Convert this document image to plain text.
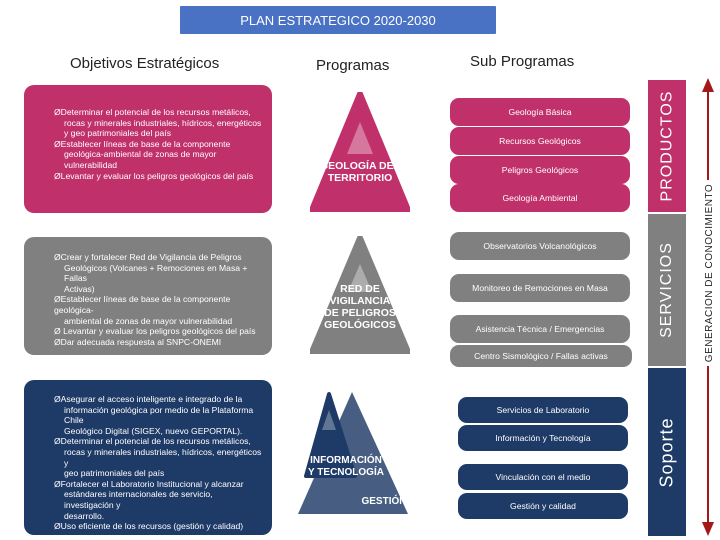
PLAN ESTRATEGICO 2020-2030
Objetivos Estratégicos	Programas	Sub Programas
ØDeterminar el potencial de los recursos metálicos,
rocas y minerales industriales, hídricos, energéticos
y geo patrimoniales del país
ØEstablecer líneas de base de la componente
geológica-ambiental de zonas de mayor
vulnerabilidad
ØLevantar y evaluar los peligros geológicos del país
ØCrear y fortalecer Red de Vigilancia de Peligros
Geológicos (Volcanes + Remociones en Masa + Fallas
Activas)
ØEstablecer líneas de base de la componente geológica-
ambiental de zonas de mayor vulnerabilidad
Ø Levantar y evaluar los peligros geológicos del país
ØDar adecuada respuesta al SNPC-ONEMI
ØAsegurar el acceso inteligente e integrado de la
información geológica por medio de la Plataforma Chile
Geológico Digital (SIGEX, nuevo GEPORTAL).
ØDeterminar el potencial de los recursos metálicos,
rocas y minerales industriales, hídricos, energéticos y
geo patrimoniales del país
ØFortalecer el Laboratorio Institucional y alcanzar
estándares internacionales de servicio, investigación y
desarrollo.
ØUso eficiente de los recursos (gestión y calidad)
GEOLOGÍA DEL
TERRITORIO
RED DE
VIGILANCIA
DE PELIGROS
GEOLÓGICOS
INFORMACIÓN
Y TECNOLOGÍA
GESTIÓN
Geología Básica
Recursos Geológicos
Peligros Geológicos
Geología Ambiental
Observatorios Volcanológicos
Monitoreo de Remociones en Masa
Asistencia Técnica / Emergencias
Centro Sismológico / Fallas activas
Servicios de Laboratorio
Información y Tecnología
Vinculación con el medio
Gestión y calidad
PRODUCTOS
SERVICIOS
Soporte
GENERACION DE CONOCIMIENTO
